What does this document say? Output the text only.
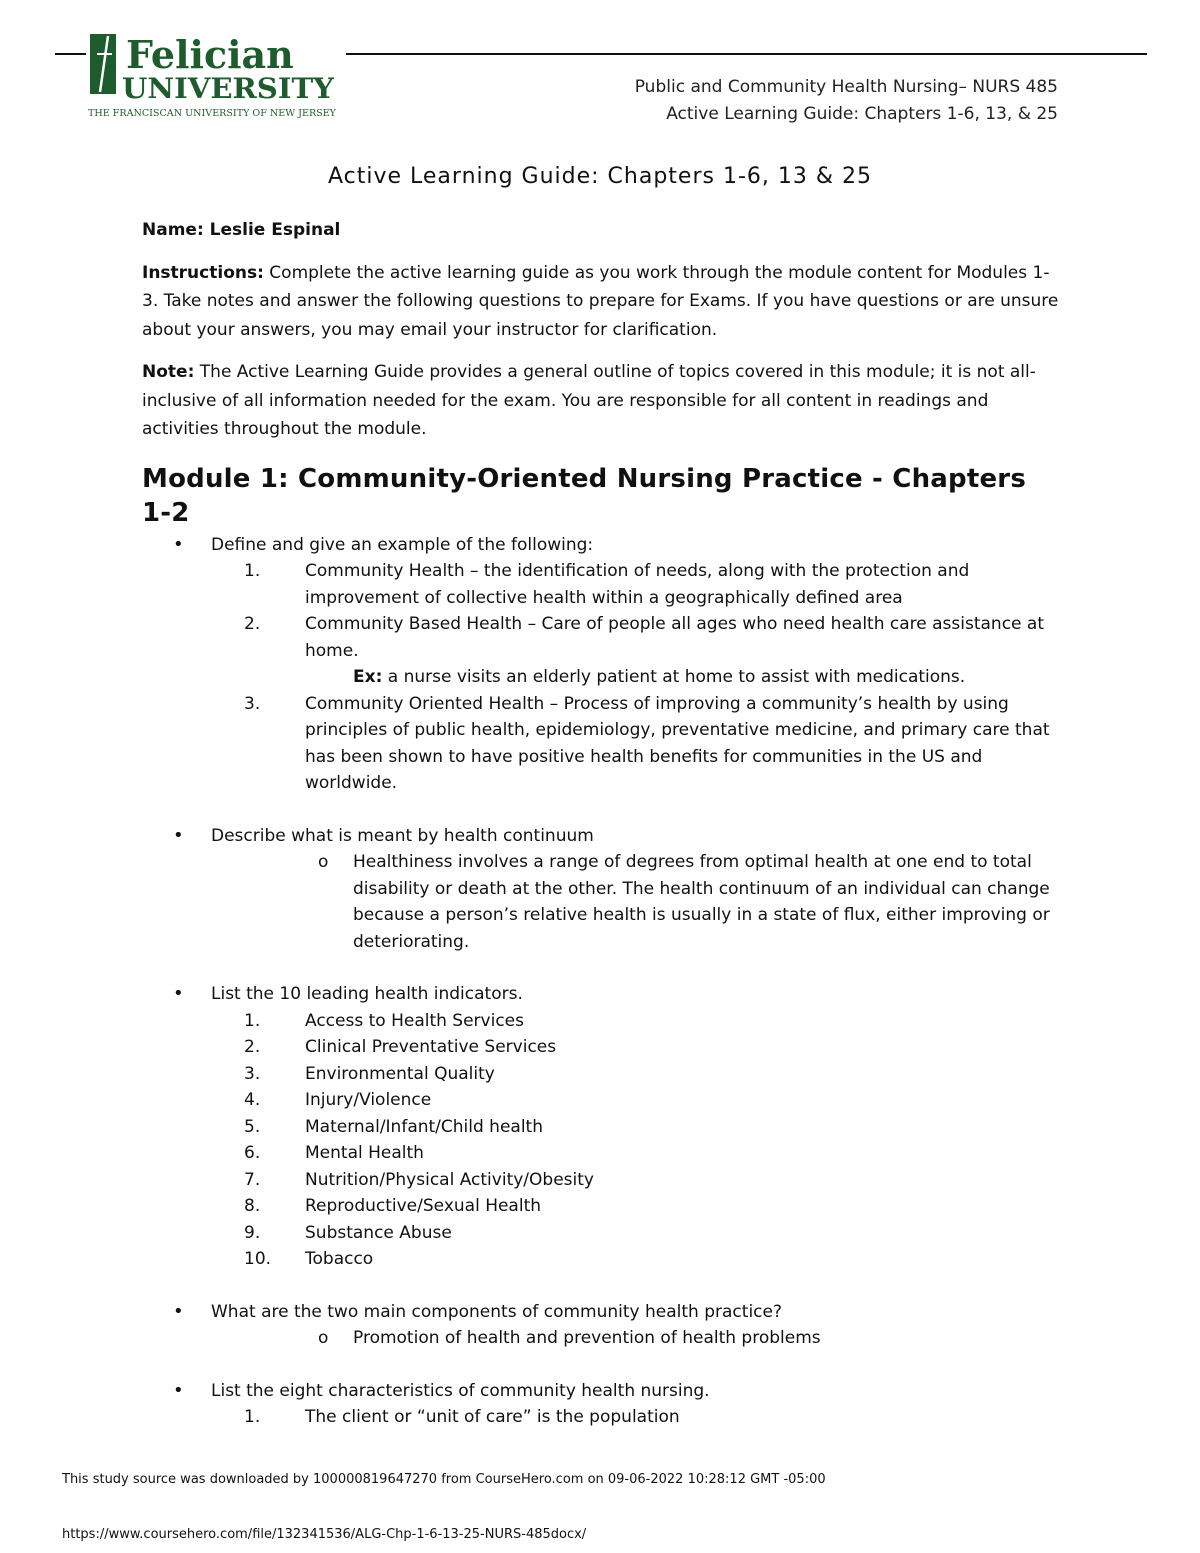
Felician
UNIVERSITY
THE FRANCISCAN UNIVERSITY OF NEW JERSEY
Public and Community Health Nursing– NURS 485
Active Learning Guide: Chapters 1-6, 13, & 25
Active Learning Guide: Chapters 1-6, 13 & 25
Name: Leslie Espinal

Instructions: Complete the active learning guide as you work through the module content for Modules 1-3. Take notes and answer the following questions to prepare for Exams. If you have questions or are unsure about your answers, you may email your instructor for clarification.

Note: The Active Learning Guide provides a general outline of topics covered in this module; it is not all-inclusive of all information needed for the exam. You are responsible for all content in readings and activities throughout the module.

Module 1: Community-Oriented Nursing Practice - Chapters 1-2
• Define and give an example of the following:
1.	Community Health – the identification of needs, along with the protection and improvement of collective health within a geographically defined area
2.	Community Based Health – Care of people all ages who need health care assistance at home.
Ex: a nurse visits an elderly patient at home to assist with medications.
3.	Community Oriented Health – Process of improving a community’s health by using principles of public health, epidemiology, preventative medicine, and primary care that has been shown to have positive health benefits for communities in the US and worldwide.
• Describe what is meant by health continuum
o Healthiness involves a range of degrees from optimal health at one end to total disability or death at the other. The health continuum of an individual can change because a person’s relative health is usually in a state of flux, either improving or deteriorating.
• List the 10 leading health indicators.
1.	Access to Health Services
2.	Clinical Preventative Services
3.	Environmental Quality
4.	Injury/Violence
5.	Maternal/Infant/Child health
6.	Mental Health
7.	Nutrition/Physical Activity/Obesity
8.	Reproductive/Sexual Health
9.	Substance Abuse
10. Tobacco
• What are the two main components of community health practice?
o Promotion of health and prevention of health problems
• List the eight characteristics of community health nursing.
1.	The client or “unit of care” is the population
This study source was downloaded by 100000819647270 from CourseHero.com on 09-06-2022 10:28:12 GMT -05:00
https://www.coursehero.com/file/132341536/ALG-Chp-1-6-13-25-NURS-485docx/
